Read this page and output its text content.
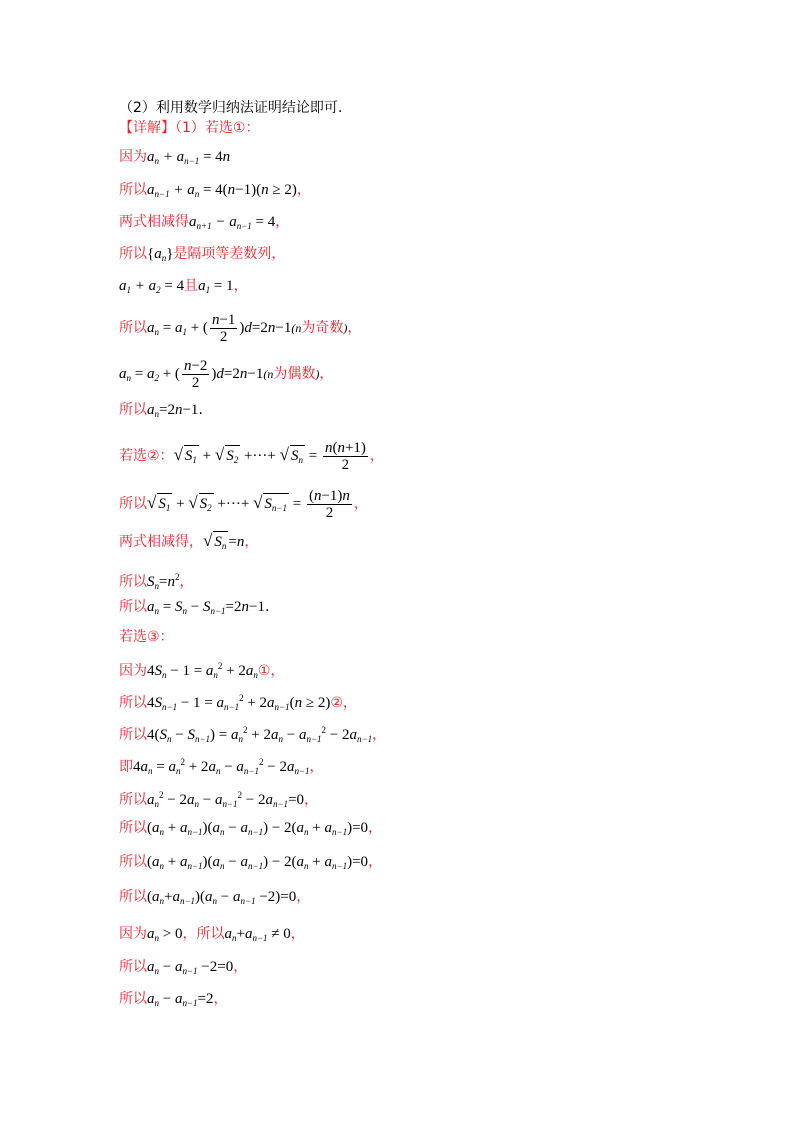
（2）利用数学归纳法证明结论即可.
【详解】（1）若选①：
因为$a_n + a_{n-1} = 4n$
所以$a_{n-1} + a_n = 4(n-1)(n \ge 2)$，
两式相减得$a_{n+1} - a_{n-1} = 4$，
所以$\{a_n\}$是隔项等差数列，
$a_1 + a_2 = 4$且$a_1 = 1$，
所以$a_n = a_1$ + ( $\frac{n-1}{2} )d=2n-1(n$为奇数)，
$a_n = a_2$ + ( $\frac{n-2}{2} )d=2n-1(n$为偶数)，
所以$a_n=2n-1$.
若选②：√ $S_1$ + √ $S_2$ +···+ √ $S_n = \frac{n(n+1)}{2}$ ，
所以√ $S_1$ + √ $S_2$ +···+ √ $S_{n-1} = \frac{(n-1)n}{2}$ ，
两式相减得，√ $S_n =n$，
所以$S_n=n^2$，
所以$a_n = S_n - S_{n-1}=2n-1$.
若选③：
因为$4S_n - 1 = a_n^2$ + $2a_n①$，
所以$4S_{n-1} - 1 = a_{n-1}^2 + 2a_{n-1}(n$ ≥ 2)②，
所以$4(S_n - S_{n-1}) = a_n^2 + 2a_n - a_{n-1}^2 - 2a_{n-1}$，
即$4a_n = a_n^2 + 2a_n - a_{n-1}^2 - 2a_{n-1}$，
所以$a_n^2 - 2a_n - a_{n-1}^2 - 2a_{n-1}=0$，
所以$(a_n + a_{n-1})(a_n - a_{n-1}) - 2(a_n + a_{n-1})=0$，
所以$(a_n + a_{n-1})(a_n - a_{n-1}) - 2(a_n + a_{n-1})=0$，
所以$(a_n+a_{n-1})(a_n - a_{n-1} -2)=0$，
因为$a_n > 0$，所以$a_n+a_{n-1} \ne 0$，
所以$a_n - a_{n-1} -2=0$，
所以$a_n - a_{n-1}=2$，
